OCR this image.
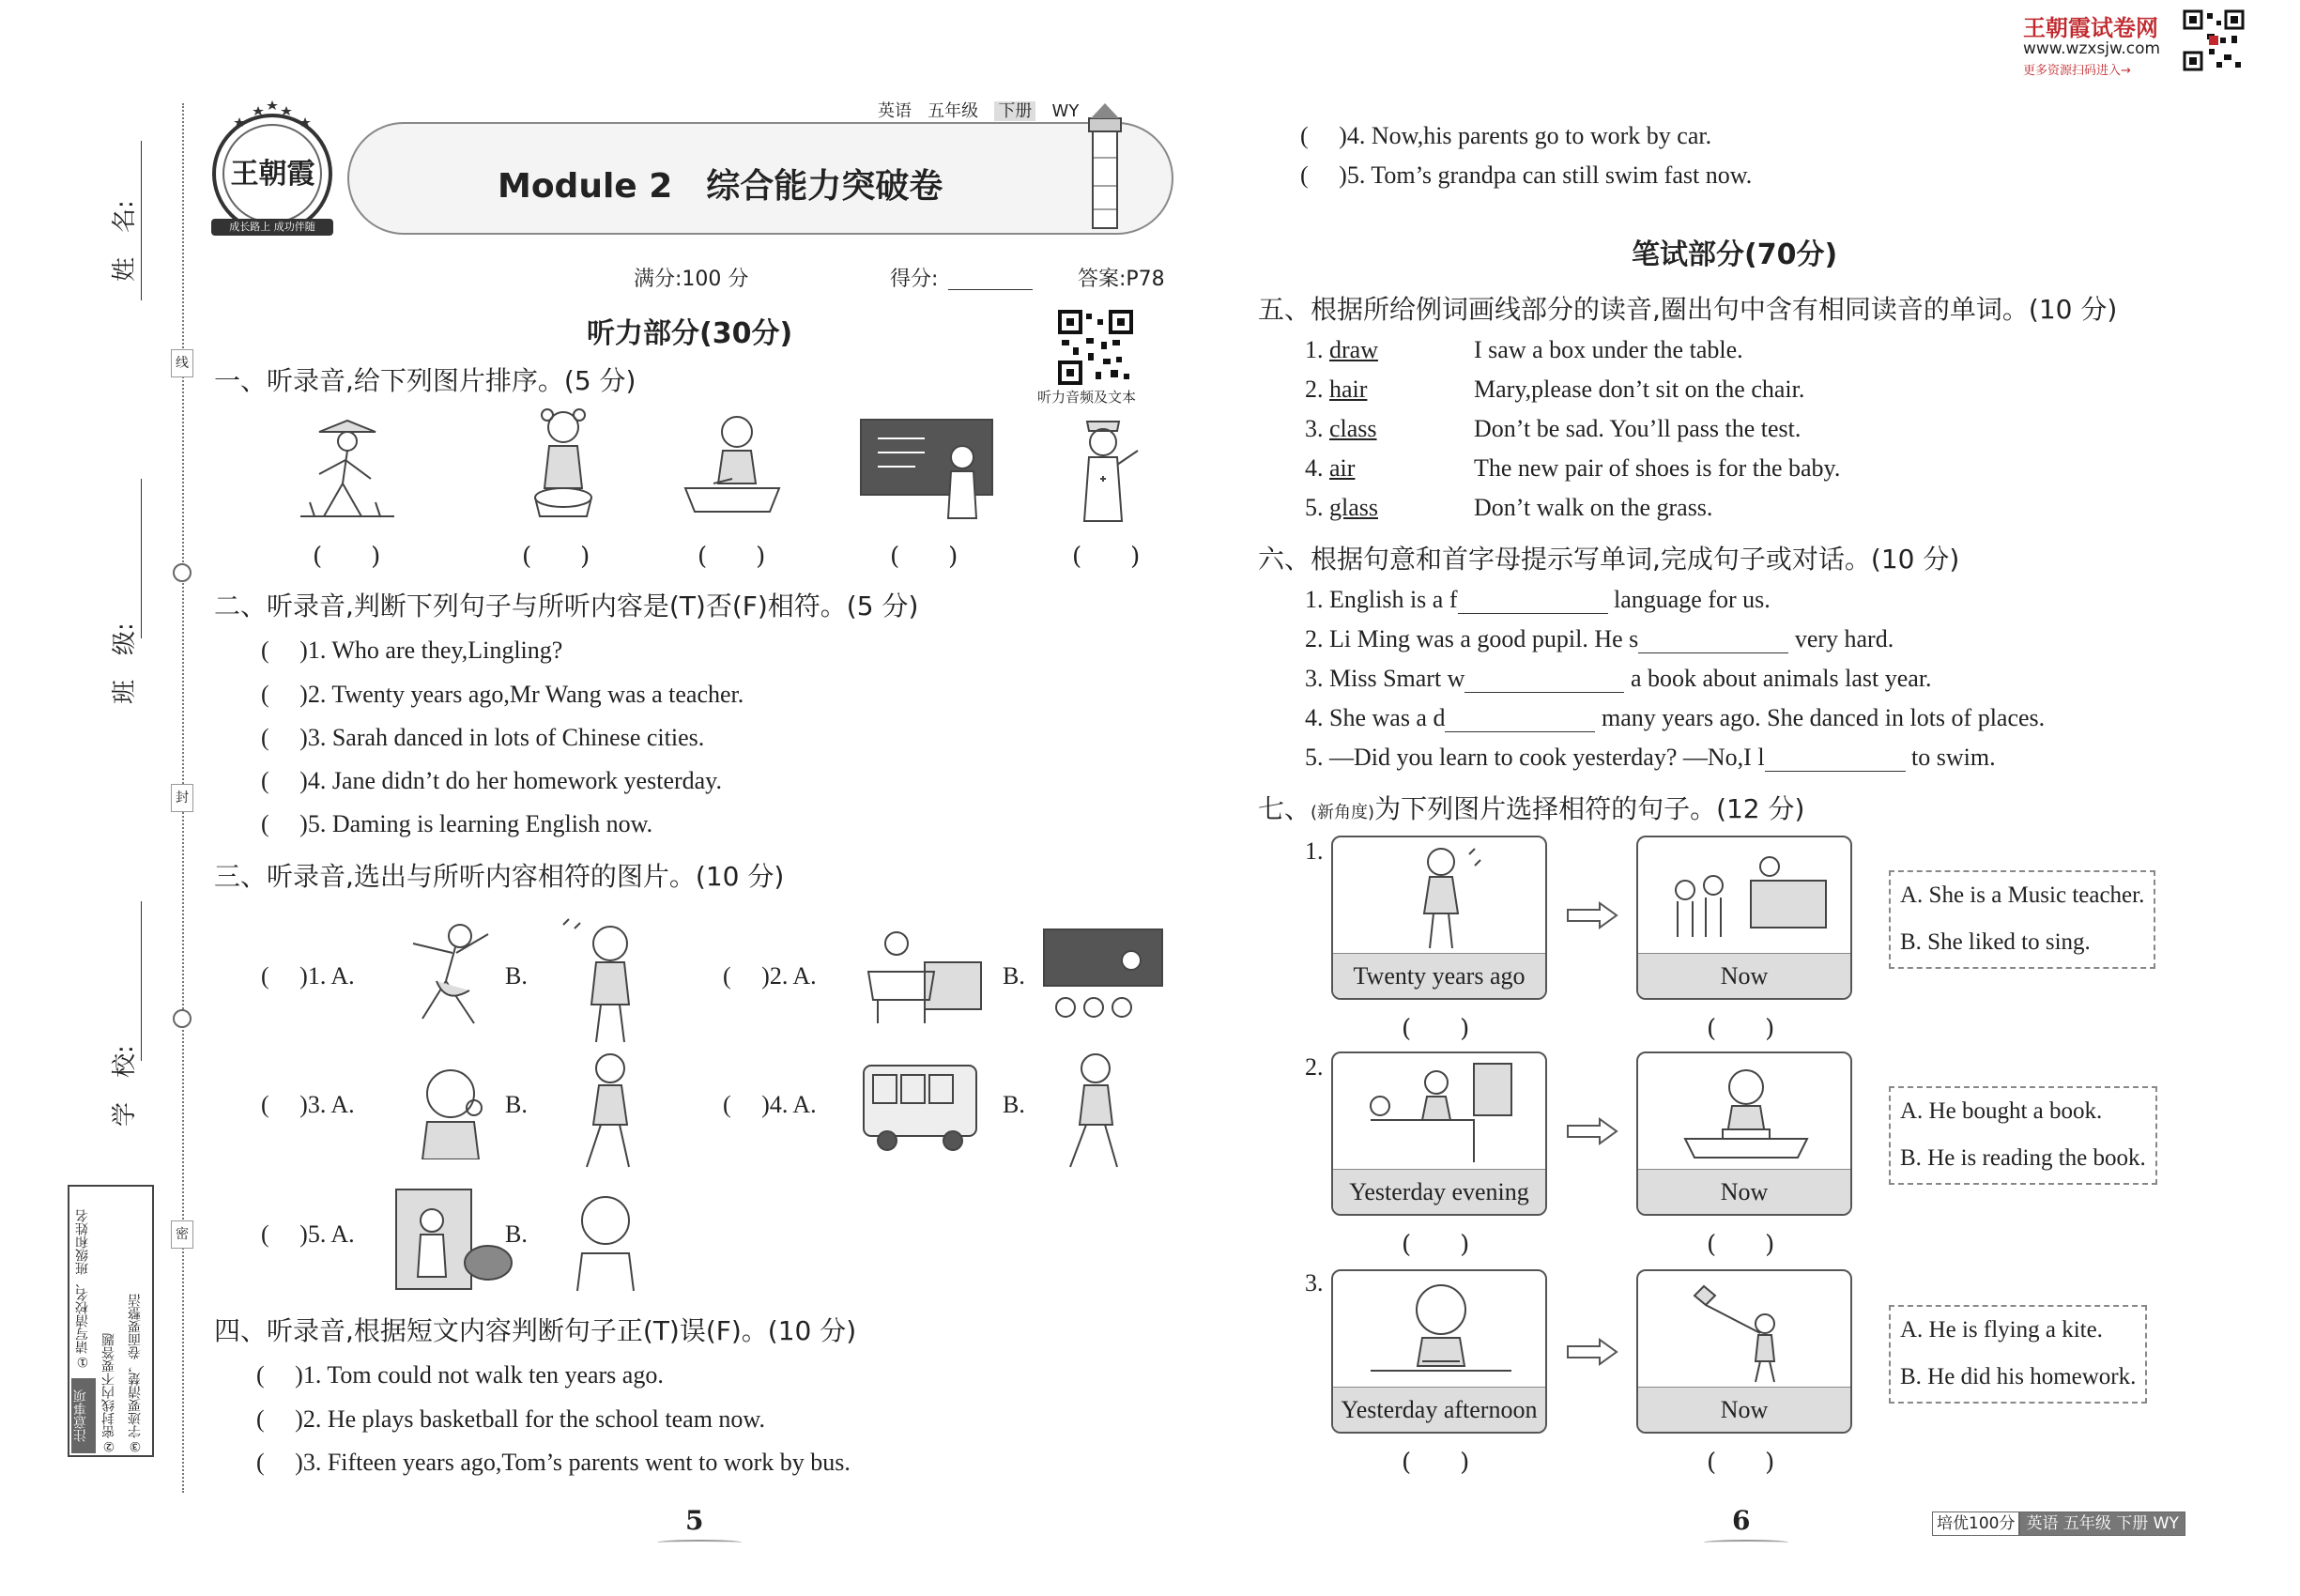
姓　名:
班　级:
学　校:
线
封
密
注意事项
①请写清校名、班级和姓名
②密封线内不要答题 ③字迹要清楚，卷面要整洁
王朝霞
成长路上 成功伴随
英语 五年级 下册 WY
Module 2　综合能力突破卷
满分:100 分	得分:	答案:P78
听力音频及文本
听力部分(30分)
一、听录音,给下列图片排序。(5 分)
(　　)	(　　)	(　　)	(　　)	(　　)
二、听录音,判断下列句子与所听内容是(T)否(F)相符。(5 分)
( )1. Who are they,Lingling?
( )2. Twenty years ago,Mr Wang was a teacher.
( )3. Sarah danced in lots of Chinese cities.
( )4. Jane didn’t do her homework yesterday.
( )5. Daming is learning English now.
三、听录音,选出与所听内容相符的图片。(10 分)
( )1. A.	B.	( )2. A.	B.
( )3. A.	B.	( )4. A.	B.
( )5. A.	B.
四、听录音,根据短文内容判断句子正(T)误(F)。(10 分)
( )1. Tom could not walk ten years ago.
( )2. He plays basketball for the school team now.
( )3. Fifteen years ago,Tom’s parents went to work by bus.
5
王朝霞试卷网
www.wzxsjw.com
更多资源扫码进入→
( )4. Now,his parents go to work by car.
( )5. Tom’s grandpa can still swim fast now.
笔试部分(70分)
五、根据所给例词画线部分的读音,圈出句中含有相同读音的单词。(10 分)
1. draw	I saw a box under the table.
2. hair	Mary,please don’t sit on the chair.
3. class	Don’t be sad. You’ll pass the test.
4. air	The new pair of shoes is for the baby.
5. glass	Don’t walk on the grass.
六、根据句意和首字母提示写单词,完成句子或对话。(10 分)
1. English is a f	language for us.
2. Li Ming was a good pupil. He s	very hard.
3. Miss Smart w	a book about animals last year.
4. She was a d	many years ago. She danced in lots of places.
5. —Did you learn to cook yesterday? —No,I l	to swim.
七、(新角度)为下列图片选择相符的句子。(12 分)
1.
Twenty years ago	Now
A. She is a Music teacher.
B. She liked to sing.
(　　)	(　　)
2.
Yesterday evening	Now
A. He bought a book.
B. He is reading the book.
(　　)	(　　)
3.
Yesterday afternoon	Now
A. He is flying a kite.
B. He did his homework.
(　　)	(　　)
6	培优100分 英语 五年级 下册 WY
